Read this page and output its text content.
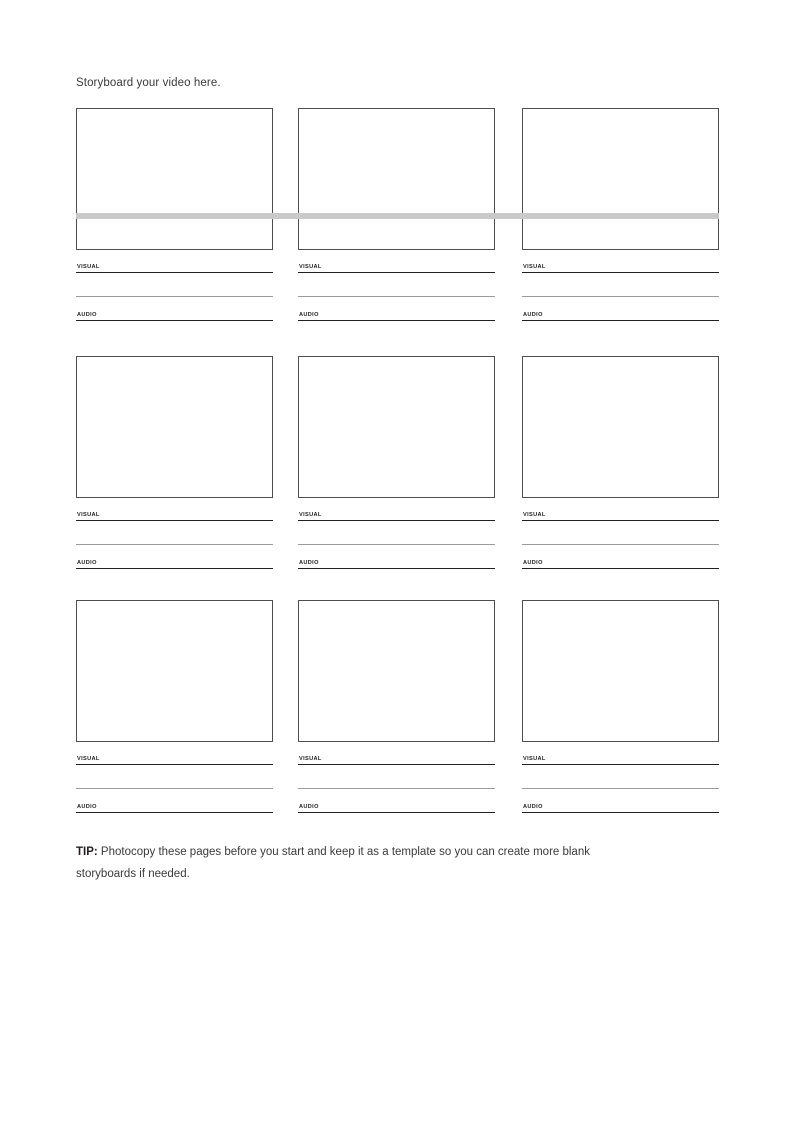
Storyboard your video here.
VISUAL
AUDIO
VISUAL
AUDIO
VISUAL
AUDIO
VISUAL
AUDIO
VISUAL
AUDIO
VISUAL
AUDIO
VISUAL
AUDIO
VISUAL
AUDIO
VISUAL
AUDIO
TIP: Photocopy these pages before you start and keep it as a template so you can create more blank storyboards if needed.
